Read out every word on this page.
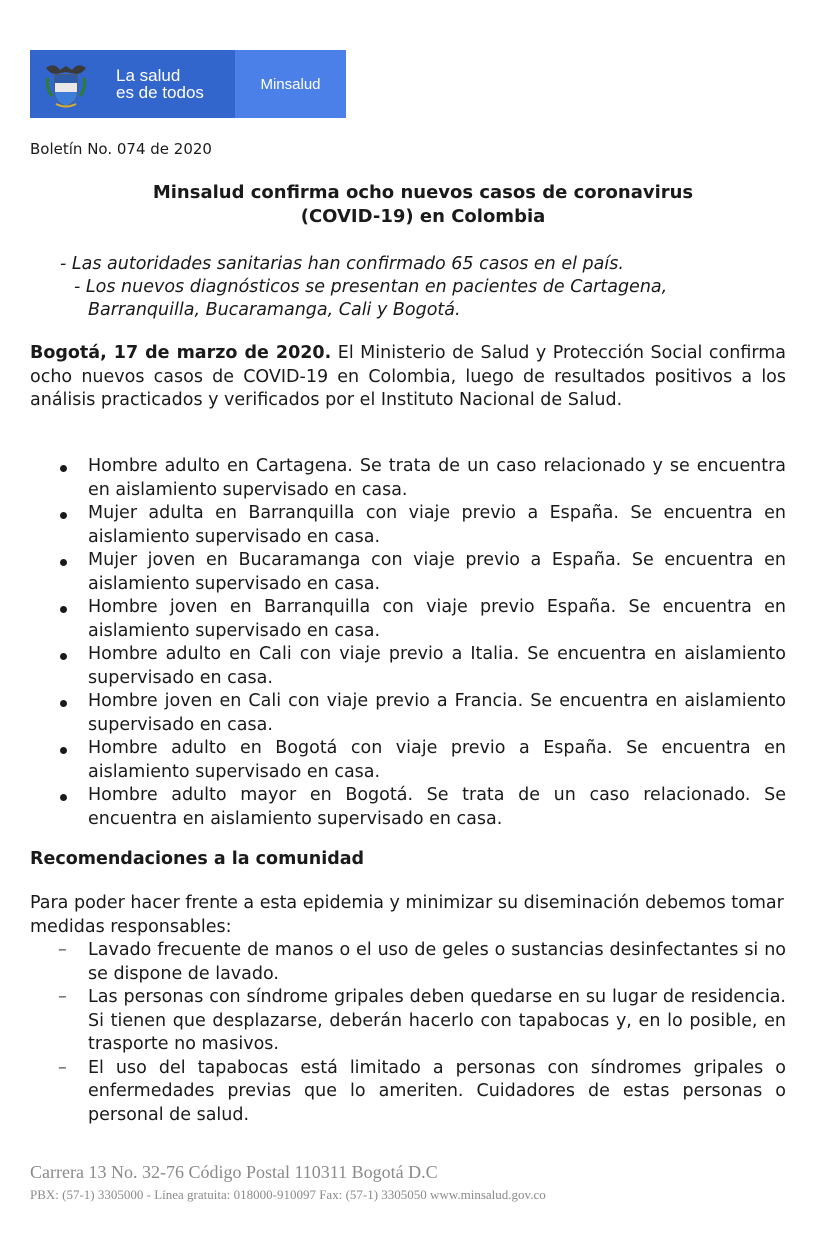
La salud
es de todos	Minsalud
Boletín No. 074 de 2020
Minsalud confirma ocho nuevos casos de coronavirus
(COVID-19) en Colombia
- Las autoridades sanitarias han confirmado 65 casos en el país.
- Los nuevos diagnósticos se presentan en pacientes de Cartagena, Barranquilla, Bucaramanga, Cali y Bogotá.
Bogotá, 17 de marzo de 2020. El Ministerio de Salud y Protección Social confirma ocho nuevos casos de COVID-19 en Colombia, luego de resultados positivos a los análisis practicados y verificados por el Instituto Nacional de Salud.
Hombre adulto en Cartagena. Se trata de un caso relacionado y se encuentra en aislamiento supervisado en casa.
Mujer adulta en Barranquilla con viaje previo a España. Se encuentra en aislamiento supervisado en casa.
Mujer joven en Bucaramanga con viaje previo a España. Se encuentra en aislamiento supervisado en casa.
Hombre joven en Barranquilla con viaje previo España. Se encuentra en aislamiento supervisado en casa.
Hombre adulto en Cali con viaje previo a Italia. Se encuentra en aislamiento supervisado en casa.
Hombre joven en Cali con viaje previo a Francia. Se encuentra en aislamiento supervisado en casa.
Hombre adulto en Bogotá con viaje previo a España. Se encuentra en aislamiento supervisado en casa.
Hombre adulto mayor en Bogotá. Se trata de un caso relacionado. Se encuentra en aislamiento supervisado en casa.
Recomendaciones a la comunidad
Para poder hacer frente a esta epidemia y minimizar su diseminación debemos tomar medidas responsables:
– Lavado frecuente de manos o el uso de geles o sustancias desinfectantes si no se dispone de lavado.
– Las personas con síndrome gripales deben quedarse en su lugar de residencia. Si tienen que desplazarse, deberán hacerlo con tapabocas y, en lo posible, en trasporte no masivos.
– El uso del tapabocas está limitado a personas con síndromes gripales o enfermedades previas que lo ameriten. Cuidadores de estas personas o personal de salud.
Carrera 13 No. 32-76 Código Postal 110311 Bogotá D.C
PBX: (57-1) 3305000 - Línea gratuita: 018000-910097 Fax: (57-1) 3305050 www.minsalud.gov.co
